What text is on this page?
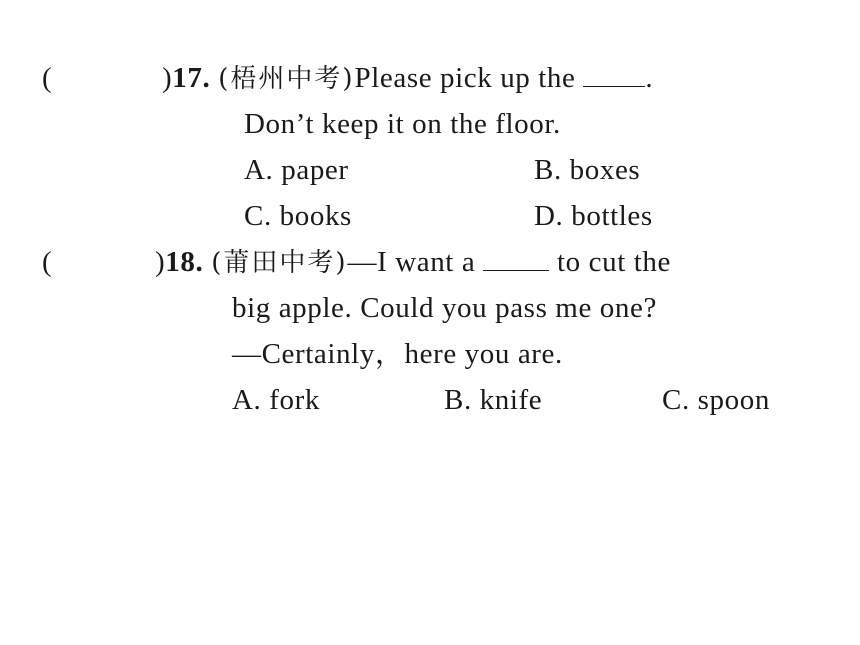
(	)17. (梧州中考)Please pick up the .
Don’t keep it on the floor.
A. paper	B. boxes
C. books	D. bottles
(	)18. (莆田中考)—I want a	to cut the
big apple. Could you pass me one?
—Certainly，here you are.
A. fork	B. knife	C. spoon
